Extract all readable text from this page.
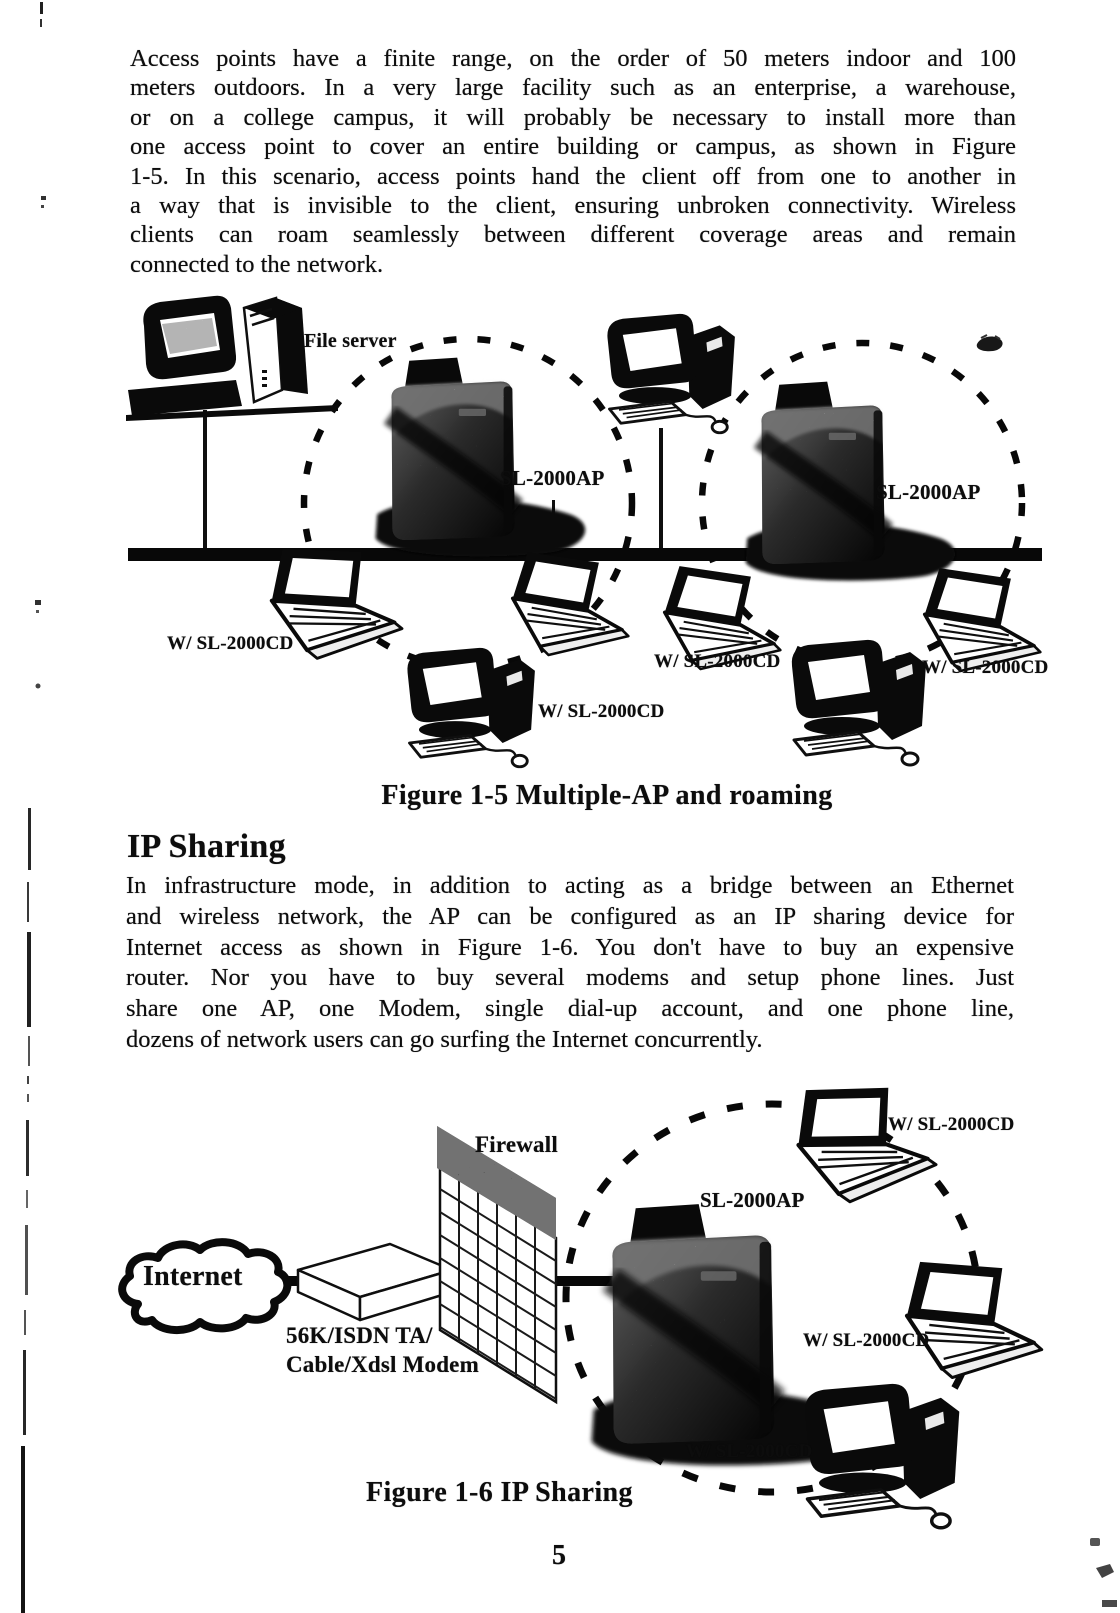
Access points have a finite range, on the order of 50 meters indoor and 100
meters outdoors. In a very large facility such as an enterprise, a warehouse,
or on a college campus, it will probably be necessary to install more than
one access point to cover an entire building or campus, as shown in Figure
1-5. In this scenario, access points hand the client off from one to another in
a way that is invisible to the client, ensuring unbroken connectivity. Wireless
clients can roam seamlessly between different coverage areas and remain
connected to the network.
File server
SL-2000AP
SL-2000AP
W/ SL-2000CD
W/ SL-2000CD
W/ SL-2000CD	W/ SL-2000CD
Figure 1-5 Multiple-AP and roaming
IP Sharing
In infrastructure mode, in addition to acting as a bridge between an Ethernet
and wireless network, the AP can be configured as an IP sharing device for
Internet access as shown in Figure 1-6. You don't have to buy an expensive
router. Nor you have to buy several modems and setup phone lines. Just
share one AP, one Modem, single dial-up account, and one phone line,
dozens of network users can go surfing the Internet concurrently.
Firewall
Internet
56K/ISDN TA/
Cable/Xdsl Modem
SL-2000AP
W/ SL-2000CD
W/ SL-2000CD
W/ SL-2000CD
Figure 1-6 IP Sharing
5
